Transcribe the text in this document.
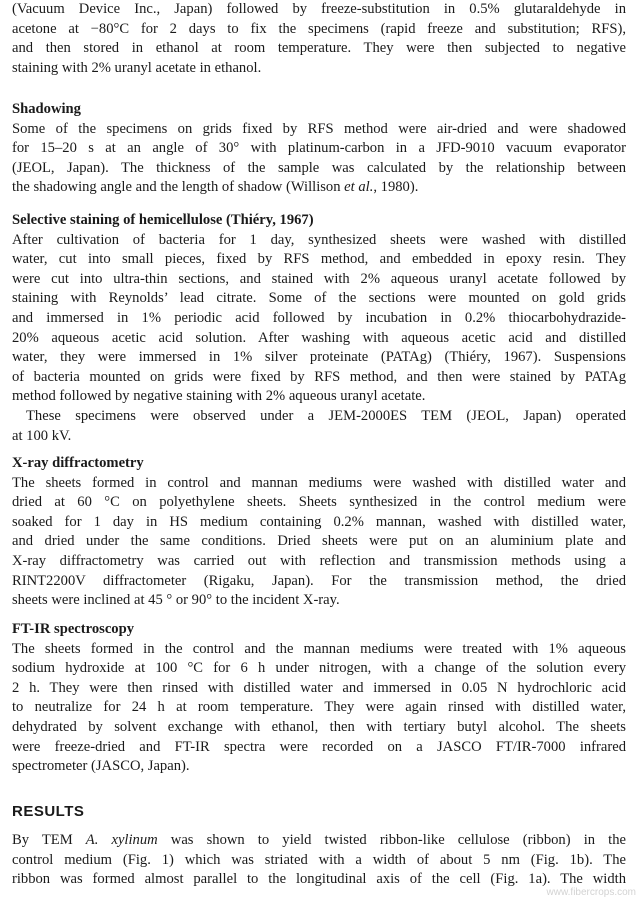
(Vacuum Device Inc., Japan) followed by freeze-substitution in 0.5% glutaraldehyde in
acetone at −80°C for 2 days to fix the specimens (rapid freeze and substitution; RFS),
and then stored in ethanol at room temperature. They were then subjected to negative
staining with 2% uranyl acetate in ethanol.
Shadowing
Some of the specimens on grids fixed by RFS method were air-dried and were shadowed
for 15–20 s at an angle of 30° with platinum-carbon in a JFD-9010 vacuum evaporator
(JEOL, Japan). The thickness of the sample was calculated by the relationship between
the shadowing angle and the length of shadow (Willison et al., 1980).
Selective staining of hemicellulose (Thiéry, 1967)
After cultivation of bacteria for 1 day, synthesized sheets were washed with distilled
water, cut into small pieces, fixed by RFS method, and embedded in epoxy resin. They
were cut into ultra-thin sections, and stained with 2% aqueous uranyl acetate followed by
staining with Reynolds’ lead citrate. Some of the sections were mounted on gold grids
and immersed in 1% periodic acid followed by incubation in 0.2% thiocarbohydrazide-
20% aqueous acetic acid solution. After washing with aqueous acetic acid and distilled
water, they were immersed in 1% silver proteinate (PATAg) (Thiéry, 1967). Suspensions
of bacteria mounted on grids were fixed by RFS method, and then were stained by PATAg
method followed by negative staining with 2% aqueous uranyl acetate.
These specimens were observed under a JEM-2000ES TEM (JEOL, Japan) operated
at 100 kV.
X-ray diffractometry
The sheets formed in control and mannan mediums were washed with distilled water and
dried at 60 °C on polyethylene sheets. Sheets synthesized in the control medium were
soaked for 1 day in HS medium containing 0.2% mannan, washed with distilled water,
and dried under the same conditions. Dried sheets were put on an aluminium plate and
X-ray diffractometry was carried out with reflection and transmission methods using a
RINT2200V diffractometer (Rigaku, Japan). For the transmission method, the dried
sheets were inclined at 45 ° or 90° to the incident X-ray.
FT-IR spectroscopy
The sheets formed in the control and the mannan mediums were treated with 1% aqueous
sodium hydroxide at 100 °C for 6 h under nitrogen, with a change of the solution every
2 h. They were then rinsed with distilled water and immersed in 0.05 N hydrochloric acid
to neutralize for 24 h at room temperature. They were again rinsed with distilled water,
dehydrated by solvent exchange with ethanol, then with tertiary butyl alcohol. The sheets
were freeze-dried and FT-IR spectra were recorded on a JASCO FT/IR-7000 infrared
spectrometer (JASCO, Japan).
RESULTS
By TEM A. xylinum was shown to yield twisted ribbon-like cellulose (ribbon) in the
control medium (Fig. 1) which was striated with a width of about 5 nm (Fig. 1b). The
ribbon was formed almost parallel to the longitudinal axis of the cell (Fig. 1a). The width
www.fibercrops.com
